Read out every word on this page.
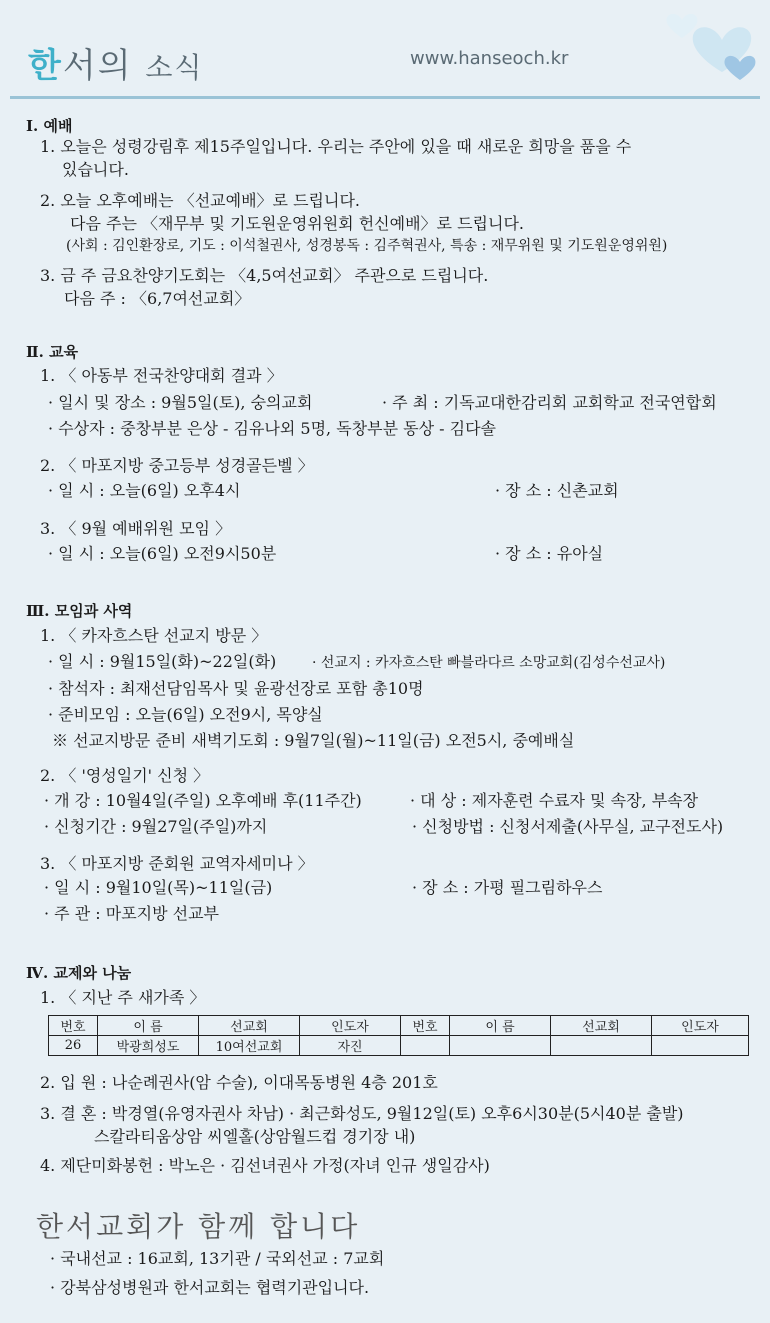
한서의 소식	www.hanseoch.kr
Ⅰ. 예배
1. 오늘은 성령강림후 제15주일입니다. 우리는 주안에 있을 때 새로운 희망을 품을 수
있습니다.
2. 오늘 오후예배는 〈선교예배〉로 드립니다.
다음 주는 〈재무부 및 기도원운영위원회 헌신예배〉로 드립니다.
(사회 : 김인환장로, 기도 : 이석철권사, 성경봉독 : 김주혁권사, 특송 : 재무위원 및 기도원운영위원)
3. 금 주 금요찬양기도회는 〈4,5여선교회〉 주관으로 드립니다.
다음 주 : 〈6,7여선교회〉
Ⅱ. 교육
1. 〈 아동부 전국찬양대회 결과 〉
· 일시 및 장소 : 9월5일(토), 숭의교회	· 주 최 : 기독교대한감리회 교회학교 전국연합회
· 수상자 : 중창부분 은상 - 김유나외 5명, 독창부분 동상 - 김다솔
2. 〈 마포지방 중고등부 성경골든벨 〉
· 일 시 : 오늘(6일) 오후4시	· 장 소 : 신촌교회
3. 〈 9월 예배위원 모임 〉
· 일 시 : 오늘(6일) 오전9시50분	· 장 소 : 유아실
Ⅲ. 모임과 사역
1. 〈 카자흐스탄 선교지 방문 〉
· 일 시 : 9월15일(화)~22일(화)	· 선교지 : 카자흐스탄 빠블라다르 소망교회(김성수선교사)
· 참석자 : 최재선담임목사 및 윤광선장로 포함 총10명
· 준비모임 : 오늘(6일) 오전9시, 목양실
※ 선교지방문 준비 새벽기도회 : 9월7일(월)~11일(금) 오전5시, 중예배실
2. 〈 '영성일기' 신청 〉
· 개 강 : 10월4일(주일) 오후예배 후(11주간)	· 대 상 : 제자훈련 수료자 및 속장, 부속장
· 신청기간 : 9월27일(주일)까지	· 신청방법 : 신청서제출(사무실, 교구전도사)
3. 〈 마포지방 준회원 교역자세미나 〉
· 일 시 : 9월10일(목)~11일(금)	· 장 소 : 가평 필그림하우스
· 주 관 : 마포지방 선교부
Ⅳ. 교제와 나눔
1. 〈 지난 주 새가족 〉
번호	이 름	선교회	인도자	번호	이 름	선교회	인도자
26	박광희성도	10여선교회	자진				
2. 입 원 : 나순례권사(암 수술), 이대목동병원 4층 201호
3. 결 혼 : 박경열(유영자권사 차남) · 최근화성도, 9월12일(토) 오후6시30분(5시40분 출발)
스칼라티움상암 씨엘홀(상암월드컵 경기장 내)
4. 제단미화봉헌 : 박노은 · 김선녀권사 가정(자녀 인규 생일감사)
한서교회가 함께 합니다
· 국내선교 : 16교회, 13기관 / 국외선교 : 7교회
· 강북삼성병원과 한서교회는 협력기관입니다.
